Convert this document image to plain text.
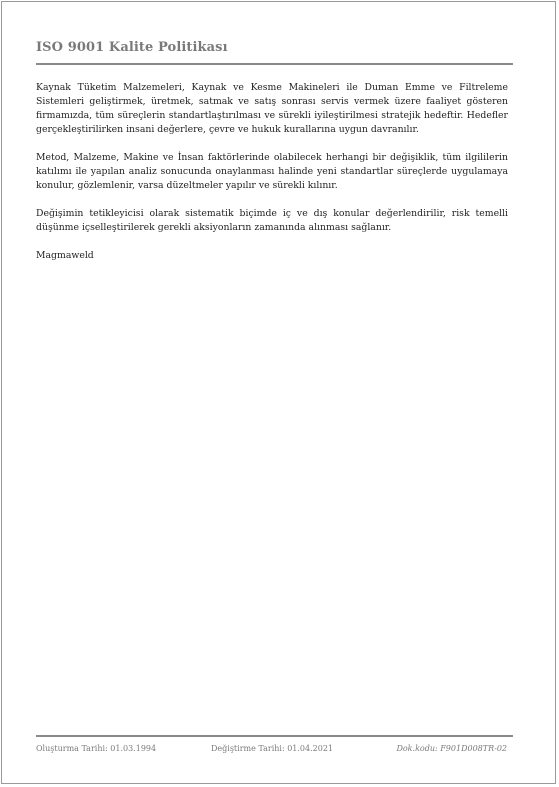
ISO 9001 Kalite Politikası

Kaynak Tüketim Malzemeleri, Kaynak ve Kesme Makineleri ile Duman Emme ve Filtreleme Sistemleri geliştirmek, üretmek, satmak ve satış sonrası servis vermek üzere faaliyet gösteren firmamızda, tüm süreçlerin standartlaştırılması ve sürekli iyileştirilmesi stratejik hedeftir. Hedefler gerçekleştirilirken insani değerlere, çevre ve hukuk kurallarına uygun davranılır.

Metod, Malzeme, Makine ve İnsan faktörlerinde olabilecek herhangi bir değişiklik, tüm ilgililerin katılımı ile yapılan analiz sonucunda onaylanması halinde yeni standartlar süreçlerde uygulamaya konulur, gözlemlenir, varsa düzeltmeler yapılır ve sürekli kılınır.

Değişimin tetikleyicisi olarak sistematik biçimde iç ve dış konular değerlendirilir, risk temelli düşünme içselleştirilerek gerekli aksiyonların zamanında alınması sağlanır.

Magmaweld

Oluşturma Tarihi: 01.03.1994	Değiştirme Tarihi: 01.04.2021	Dok.kodu: F901D008TR-02
